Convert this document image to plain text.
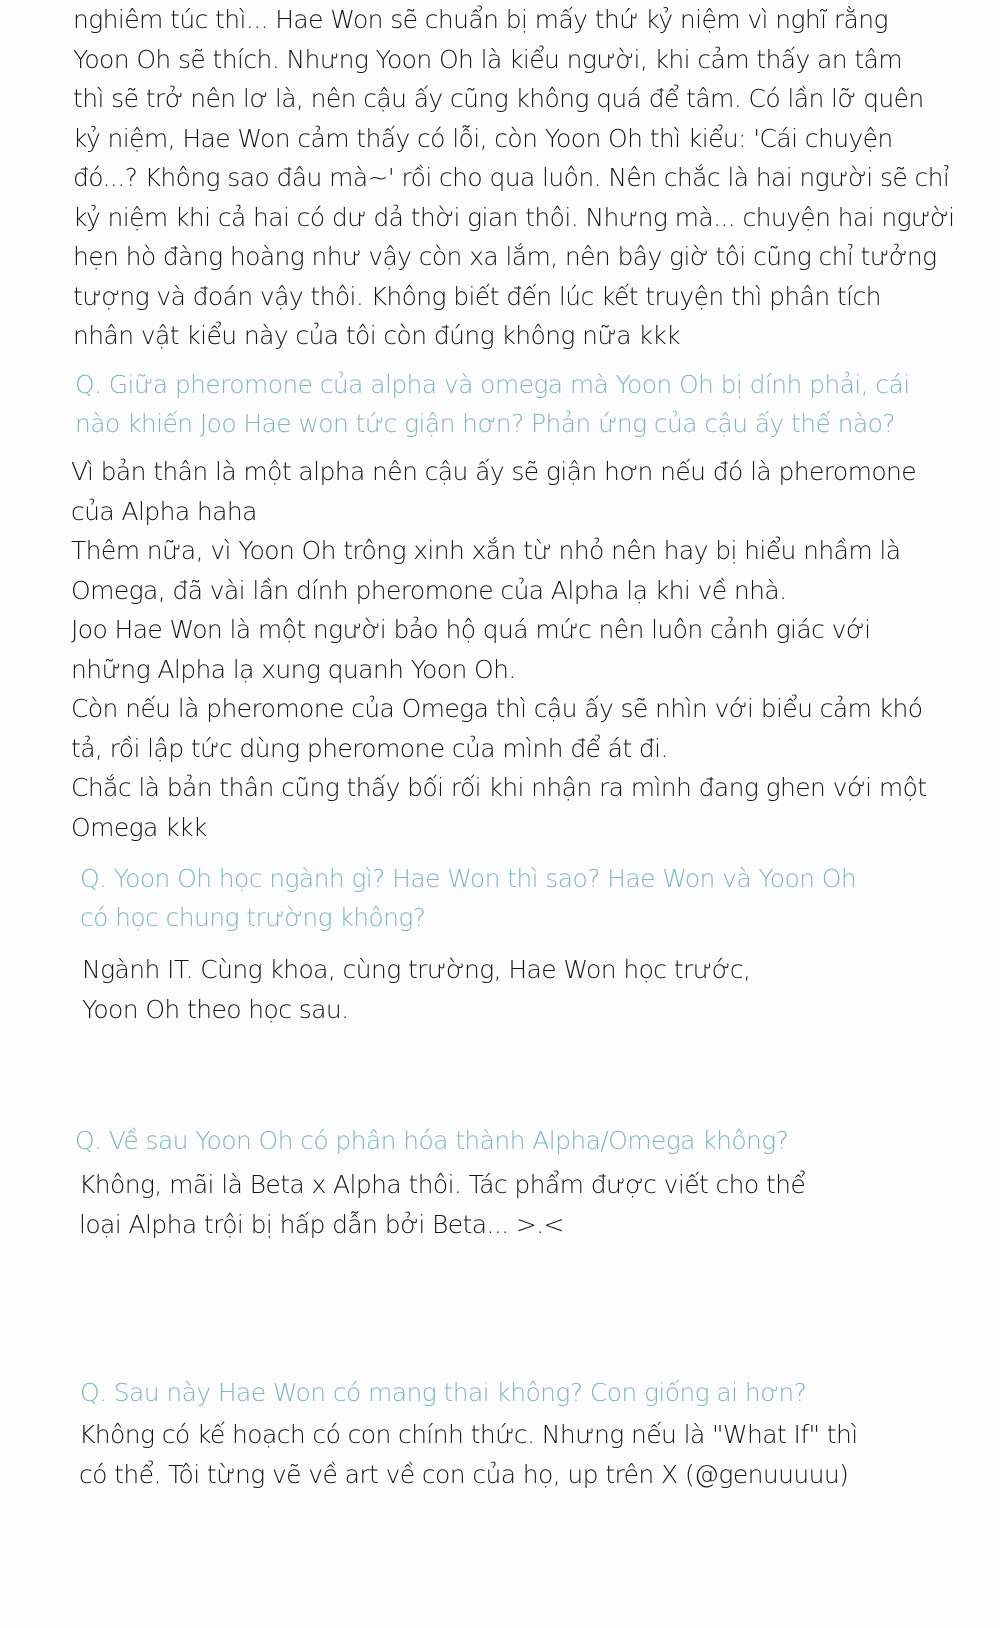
nghiêm túc thì... Hae Won sẽ chuẩn bị mấy thứ kỷ niệm vì nghĩ rằng
Yoon Oh sẽ thích. Nhưng Yoon Oh là kiểu người, khi cảm thấy an tâm
thì sẽ trở nên lơ là, nên cậu ấy cũng không quá để tâm. Có lần lỡ quên
kỷ niệm, Hae Won cảm thấy có lỗi, còn Yoon Oh thì kiểu: 'Cái chuyện
đó...? Không sao đâu mà~' rồi cho qua luôn. Nên chắc là hai người sẽ chỉ
kỷ niệm khi cả hai có dư dả thời gian thôi. Nhưng mà... chuyện hai người
hẹn hò đàng hoàng như vậy còn xa lắm, nên bây giờ tôi cũng chỉ tưởng
tượng và đoán vậy thôi. Không biết đến lúc kết truyện thì phân tích
nhân vật kiểu này của tôi còn đúng không nữa kkk
Q. Giữa pheromone của alpha và omega mà Yoon Oh bị dính phải, cái
nào khiến Joo Hae won tức giận hơn? Phản ứng của cậu ấy thế nào?
Vì bản thân là một alpha nên cậu ấy sẽ giận hơn nếu đó là pheromone
của Alpha haha
Thêm nữa, vì Yoon Oh trông xinh xắn từ nhỏ nên hay bị hiểu nhầm là
Omega, đã vài lần dính pheromone của Alpha lạ khi về nhà.
Joo Hae Won là một người bảo hộ quá mức nên luôn cảnh giác với
những Alpha lạ xung quanh Yoon Oh.
Còn nếu là pheromone của Omega thì cậu ấy sẽ nhìn với biểu cảm khó
tả, rồi lập tức dùng pheromone của mình để át đi.
Chắc là bản thân cũng thấy bối rối khi nhận ra mình đang ghen với một
Omega kkk
Q. Yoon Oh học ngành gì? Hae Won thì sao? Hae Won và Yoon Oh
có học chung trường không?
Ngành IT. Cùng khoa, cùng trường, Hae Won học trước,
Yoon Oh theo học sau.
Q. Về sau Yoon Oh có phân hóa thành Alpha/Omega không?
Không, mãi là Beta x Alpha thôi. Tác phẩm được viết cho thể
loại Alpha trội bị hấp dẫn bởi Beta... >.<
Q. Sau này Hae Won có mang thai không? Con giống ai hơn?
Không có kế hoạch có con chính thức. Nhưng nếu là "What If" thì
có thể. Tôi từng vẽ về art về con của họ, up trên X (@genuuuuu)
